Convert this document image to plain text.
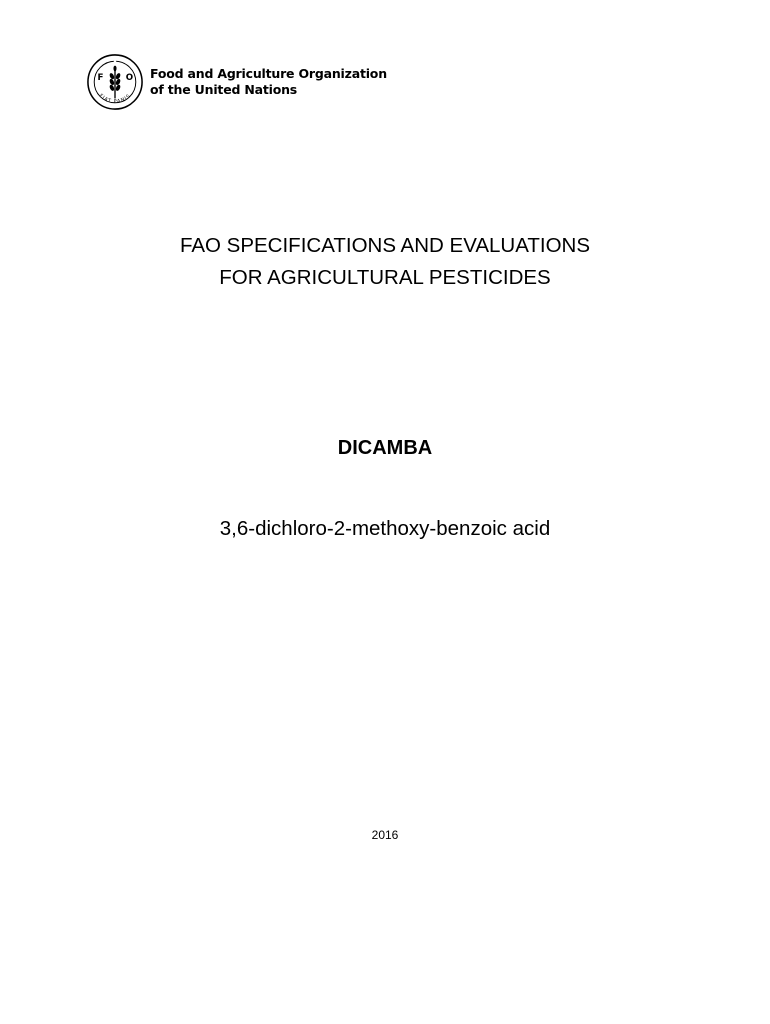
F
A
O
FIAT PANIS
Food and Agriculture Organization
of the United Nations
FAO SPECIFICATIONS AND EVALUATIONS
FOR AGRICULTURAL PESTICIDES
DICAMBA
3,6-dichloro-2-methoxy-benzoic acid
2016
